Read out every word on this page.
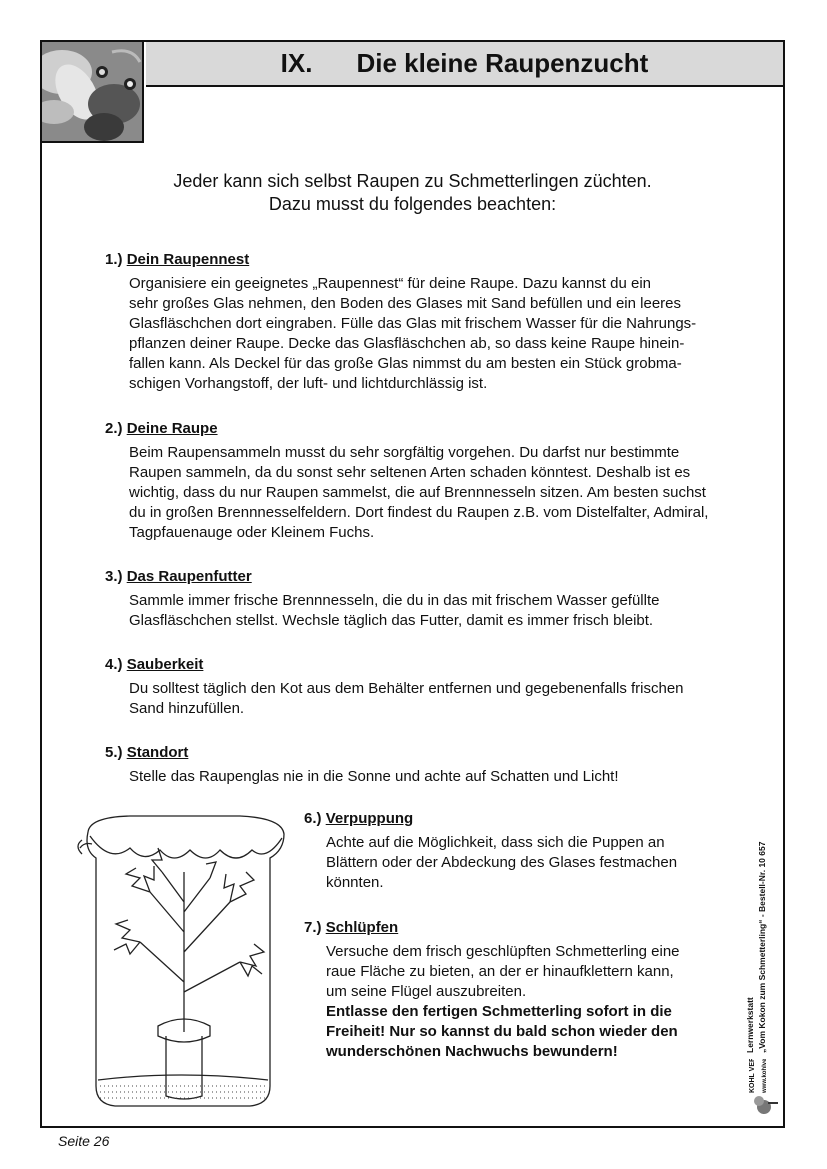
IX. Die kleine Raupenzucht
Jeder kann sich selbst Raupen zu Schmetterlingen züchten.
Dazu musst du folgendes beachten:
1.) Dein Raupennest

Organisiere ein geeignetes „Raupennest“ für deine Raupe. Dazu kannst du ein
sehr großes Glas nehmen, den Boden des Glases mit Sand befüllen und ein leeres
Glasfläschchen dort eingraben. Fülle das Glas mit frischem Wasser für die Nahrungs-
pflanzen deiner Raupe. Decke das Glasfläschchen ab, so dass keine Raupe hinein-
fallen kann. Als Deckel für das große Glas nimmst du am besten ein Stück grobma-
schigen Vorhangstoff, der luft- und lichtdurchlässig ist.

2.) Deine Raupe

Beim Raupensammeln musst du sehr sorgfältig vorgehen. Du darfst nur bestimmte
Raupen sammeln, da du sonst sehr seltenen Arten schaden könntest. Deshalb ist es
wichtig, dass du nur Raupen sammelst, die auf Brennnesseln sitzen. Am besten suchst
du in großen Brennnesselfeldern. Dort findest du Raupen z.B. vom Distelfalter, Admiral,
Tagpfauenauge oder Kleinem Fuchs.

3.) Das Raupenfutter

Sammle immer frische Brennnesseln, die du in das mit frischem Wasser gefüllte
Glasfläschchen stellst. Wechsle täglich das Futter, damit es immer frisch bleibt.

4.) Sauberkeit

Du solltest täglich den Kot aus dem Behälter entfernen und gegebenenfalls frischen
Sand hinzufüllen.

5.) Standort

Stelle das Raupenglas nie in die Sonne und achte auf Schatten und Licht!

6.) Verpuppung

Achte auf die Möglichkeit, dass sich die Puppen an
Blättern oder der Abdeckung des Glases festmachen
könnten.

7.) Schlüpfen

Versuche dem frisch geschlüpften Schmetterling eine
raue Fläche zu bieten, an der er hinaufklettern kann,
um seine Flügel auszubreiten.
Entlasse den fertigen Schmetterling sofort in die
Freiheit! Nur so kannst du bald schon wieder den
wunderschönen Nachwuchs bewundern!	KOHL VERLAG www.kohlverlag.de
Lernwerkstatt „Vom Kokon zum Schmetterling“ - Bestell-Nr. 10 657
Seite 26
